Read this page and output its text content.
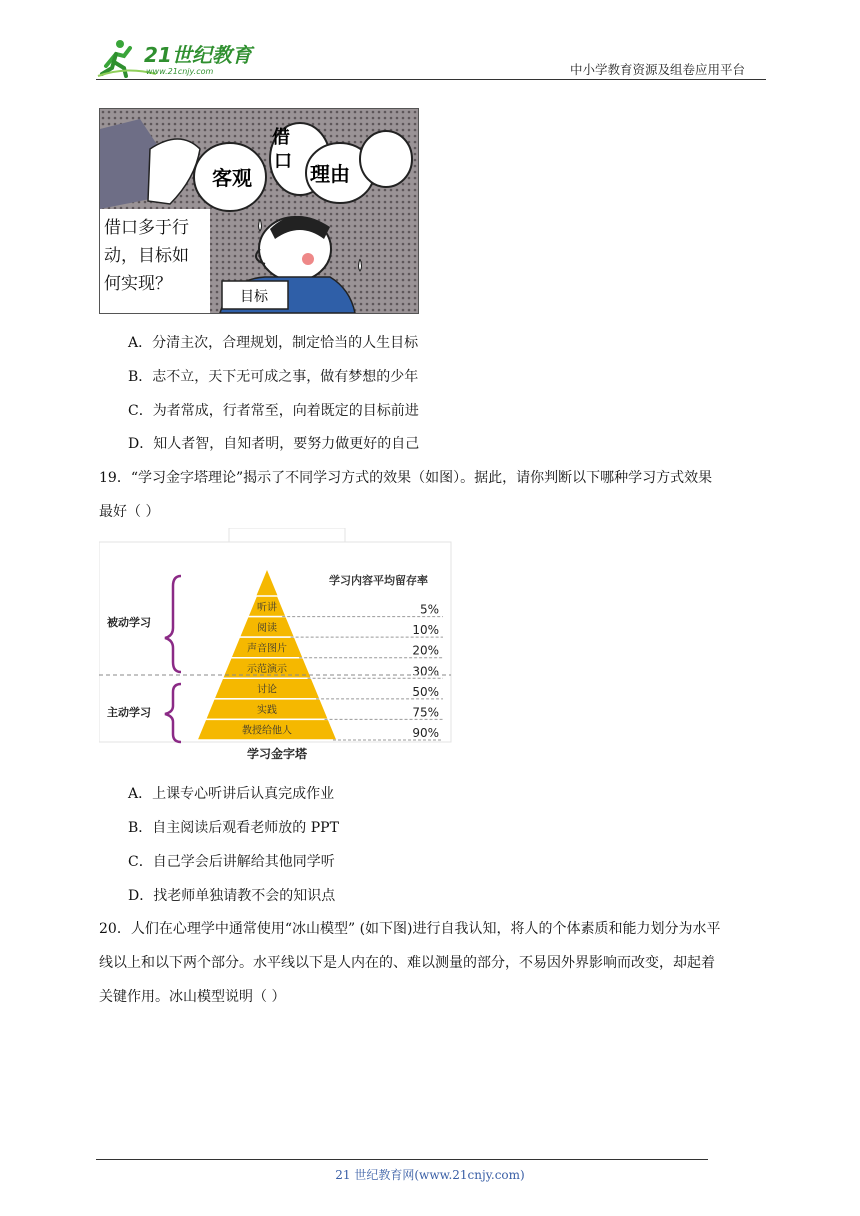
21世纪教育
www.21cnjy.com	中小学教育资源及组卷应用平台
客观
借
口
理由
目标
借口多于行
动，目标如
何实现？
A．分清主次，合理规划，制定恰当的人生目标
B．志不立，天下无可成之事，做有梦想的少年
C．为者常成，行者常至，向着既定的目标前进
D．知人者智，自知者明，要努力做更好的自己
19．“学习金字塔理论”揭示了不同学习方式的效果（如图）。据此，请你判断以下哪种学习方式效果
最好（ ）
听讲
阅读
声音图片
示范演示
讨论
实践
教授给他人
5%
10%
20%
30%
50%
75%
90%
学习内容平均留存率
被动学习
主动学习
学习金字塔
A．上课专心听讲后认真完成作业
B．自主阅读后观看老师放的 PPT
C．自己学会后讲解给其他同学听
D．找老师单独请教不会的知识点
20．人们在心理学中通常使用“冰山模型” (如下图)进行自我认知，将人的个体素质和能力划分为水平
线以上和以下两个部分。水平线以下是人内在的、难以测量的部分，不易因外界影响而改变，却起着
关键作用。冰山模型说明（ ）
21 世纪教育网(www.21cnjy.com)
